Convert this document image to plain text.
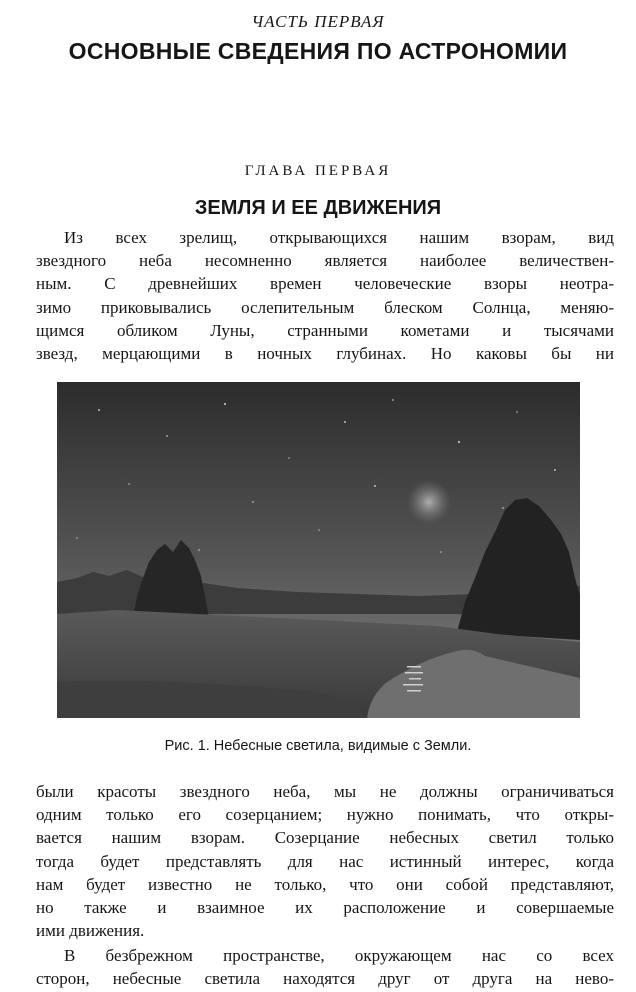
ЧАСТЬ ПЕРВАЯ
ОСНОВНЫЕ СВЕДЕНИЯ ПО АСТРОНОМИИ
ГЛАВА ПЕРВАЯ
ЗЕМЛЯ И ЕЕ ДВИЖЕНИЯ
Из всех зрелищ, открывающихся нашим взорам, вид
звездного неба несомненно является наиболее величествен-
ным. С древнейших времен человеческие взоры неотра-
зимо приковывались ослепительным блеском Солнца, меняю-
щимся обликом Луны, странными кометами и тысячами
звезд, мерцающими в ночных глубинах. Но каковы бы ни
Рис. 1. Небесные светила, видимые с Земли.
были красоты звездного неба, мы не должны ограничиваться
одним только его созерцанием; нужно понимать, что откры-
вается нашим взорам. Созерцание небесных светил только
тогда будет представлять для нас истинный интерес, когда
нам будет известно не только, что они собой представляют,
но также и взаимное их расположение и совершаемые
ими движения.
В безбрежном пространстве, окружающем нас со всех
сторон, небесные светила находятся друг от друга на нево-
